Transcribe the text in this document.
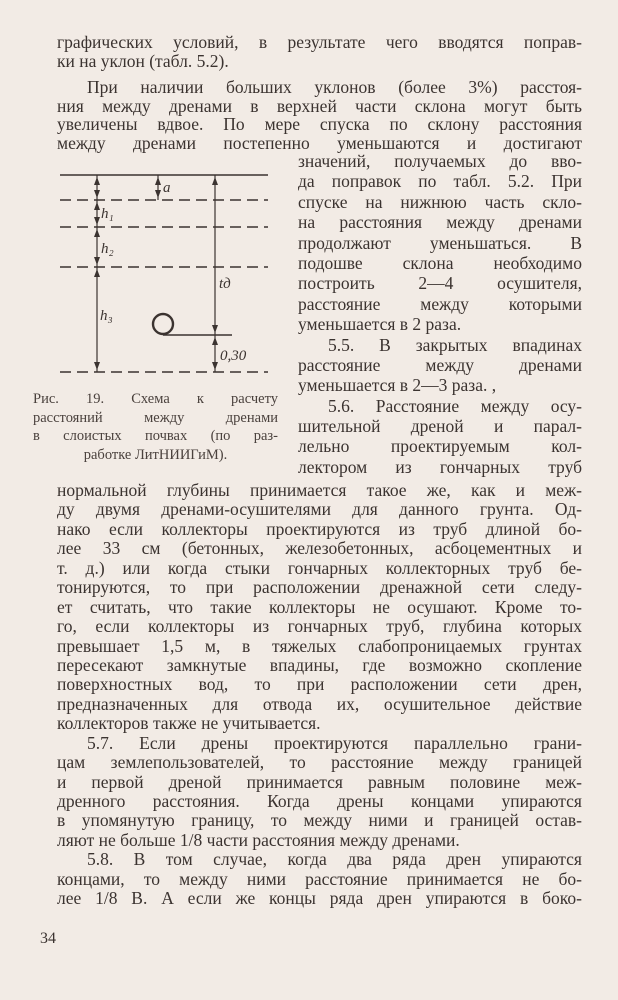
графических условий, в результате чего вводятся поправ-
ки на уклон (табл. 5.2).
При наличии больших уклонов (более 3%) расстоя-
ния между дренами в верхней части склона могут быть
увеличены вдвое. По мере спуска по склону расстояния
между дренами постепенно уменьшаются и достигают
значений, получаемых до вво-
да поправок по табл. 5.2. При
спуске на нижнюю часть скло-
на расстояния между дренами
продолжают уменьшаться. В
подошве склона необходимо
построить 2—4 осушителя,
расстояние между которыми
уменьшается в 2 раза.
5.5. В закрытых впадинах
расстояние между дренами
уменьшается в 2—3 раза. ,
5.6. Расстояние между осу-
шительной дреной и парал-
лельно проектируемым кол-
лектором из гончарных труб
a
h₁
h₂
h₃
tд
0,30
Рис. 19. Схема к расчету
расстояний между дренами
в слоистых почвах (по раз-
работке ЛитНИИГиМ).
нормальной глубины принимается такое же, как и меж-
ду двумя дренами-осушителями для данного грунта. Од-
нако если коллекторы проектируются из труб длиной бо-
лее 33 см (бетонных, железобетонных, асбоцементных и
т. д.) или когда стыки гончарных коллекторных труб бе-
тонируются, то при расположении дренажной сети следу-
ет считать, что такие коллекторы не осушают. Кроме то-
го, если коллекторы из гончарных труб, глубина которых
превышает 1,5 м, в тяжелых слабопроницаемых грунтах
пересекают замкнутые впадины, где возможно скопление
поверхностных вод, то при расположении сети дрен,
предназначенных для отвода их, осушительное действие
коллекторов также не учитывается.
5.7. Если дрены проектируются параллельно грани-
цам землепользователей, то расстояние между границей
и первой дреной принимается равным половине меж-
дренного расстояния. Когда дрены концами упираются
в упомянутую границу, то между ними и границей остав-
ляют не больше 1/8 части расстояния между дренами.
5.8. В том случае, когда два ряда дрен упираются
концами, то между ними расстояние принимается не бо-
лее 1/8 В. А если же концы ряда дрен упираются в боко-
34
